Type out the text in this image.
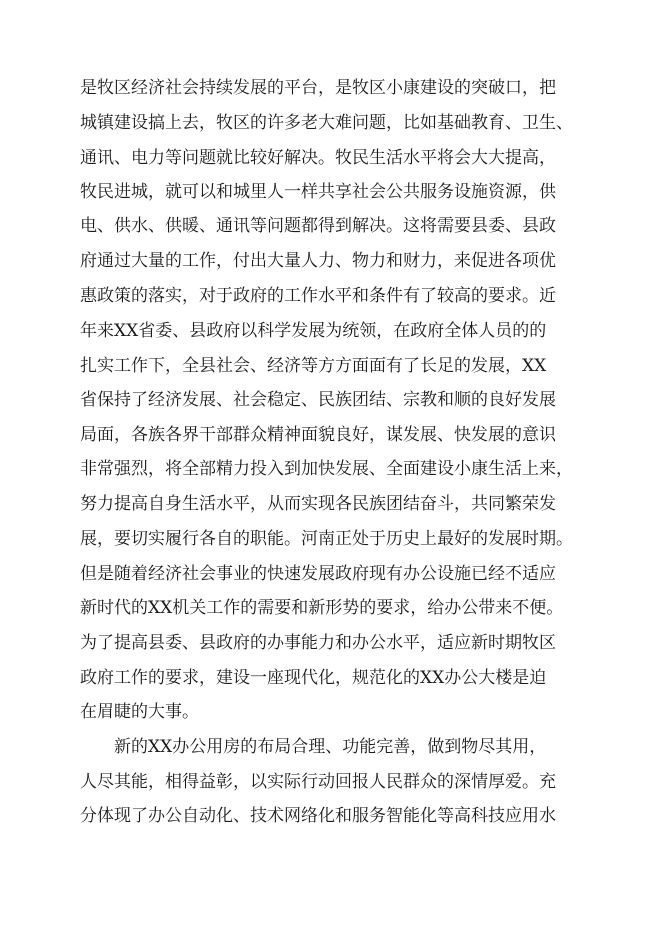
是牧区经济社会持续发展的平台，是牧区小康建设的突破口，把
城镇建设搞上去，牧区的许多老大难问题，比如基础教育、卫生、
通讯、电力等问题就比较好解决。牧民生活水平将会大大提高，
牧民进城，就可以和城里人一样共享社会公共服务设施资源，供
电、供水、供暖、通讯等问题都得到解决。这将需要县委、县政
府通过大量的工作，付出大量人力、物力和财力，来促进各项优
惠政策的落实，对于政府的工作水平和条件有了较高的要求。近
年来XX省委、县政府以科学发展为统领，在政府全体人员的的
扎实工作下，全县社会、经济等方方面面有了长足的发展，XX
省保持了经济发展、社会稳定、民族团结、宗教和顺的良好发展
局面，各族各界干部群众精神面貌良好，谋发展、快发展的意识
非常强烈，将全部精力投入到加快发展、全面建设小康生活上来，
努力提高自身生活水平，从而实现各民族团结奋斗，共同繁荣发
展，要切实履行各自的职能。河南正处于历史上最好的发展时期。
但是随着经济社会事业的快速发展政府现有办公设施已经不适应
新时代的XX机关工作的需要和新形势的要求，给办公带来不便。
为了提高县委、县政府的办事能力和办公水平，适应新时期牧区
政府工作的要求，建设一座现代化，规范化的XX办公大楼是迫
在眉睫的大事。
新的XX办公用房的布局合理、功能完善，做到物尽其用，
人尽其能，相得益彰，以实际行动回报人民群众的深情厚爱。充
分体现了办公自动化、技术网络化和服务智能化等高科技应用水
